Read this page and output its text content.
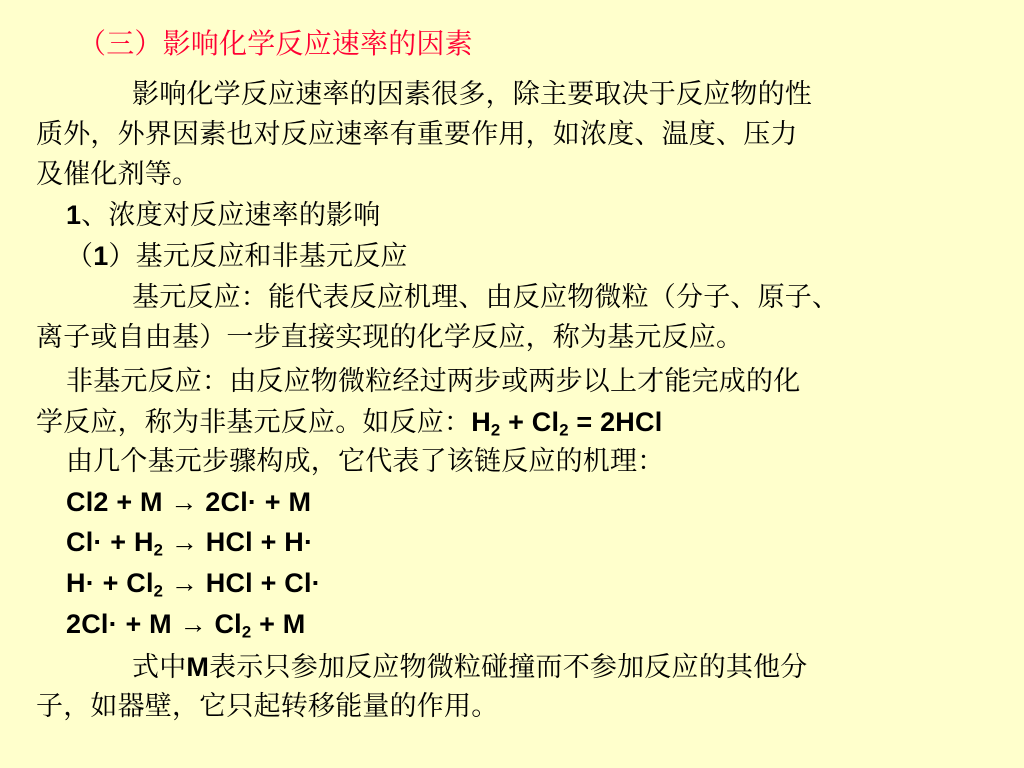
（三）影响化学反应速率的因素
影响化学反应速率的因素很多，除主要取决于反应物的性
质外，外界因素也对反应速率有重要作用，如浓度、温度、压力
及催化剂等。
1、浓度对反应速率的影响
（1）基元反应和非基元反应
基元反应：能代表反应机理、由反应物微粒（分子、原子、
离子或自由基）一步直接实现的化学反应，称为基元反应。
非基元反应：由反应物微粒经过两步或两步以上才能完成的化
学反应，称为非基元反应。如反应：$H_2 + Cl_2 = 2HCl$
由几个基元步骤构成，它代表了该链反应的机理：
Cl2 + M → 2Cl· + M
$Cl\cdot + H_2$ → HCl + H·
$H\cdot + Cl_2$ → HCl + Cl·
$2Cl\cdot + M \to Cl_2 + M$
式中M表示只参加反应物微粒碰撞而不参加反应的其他分
子，如器壁，它只起转移能量的作用。
